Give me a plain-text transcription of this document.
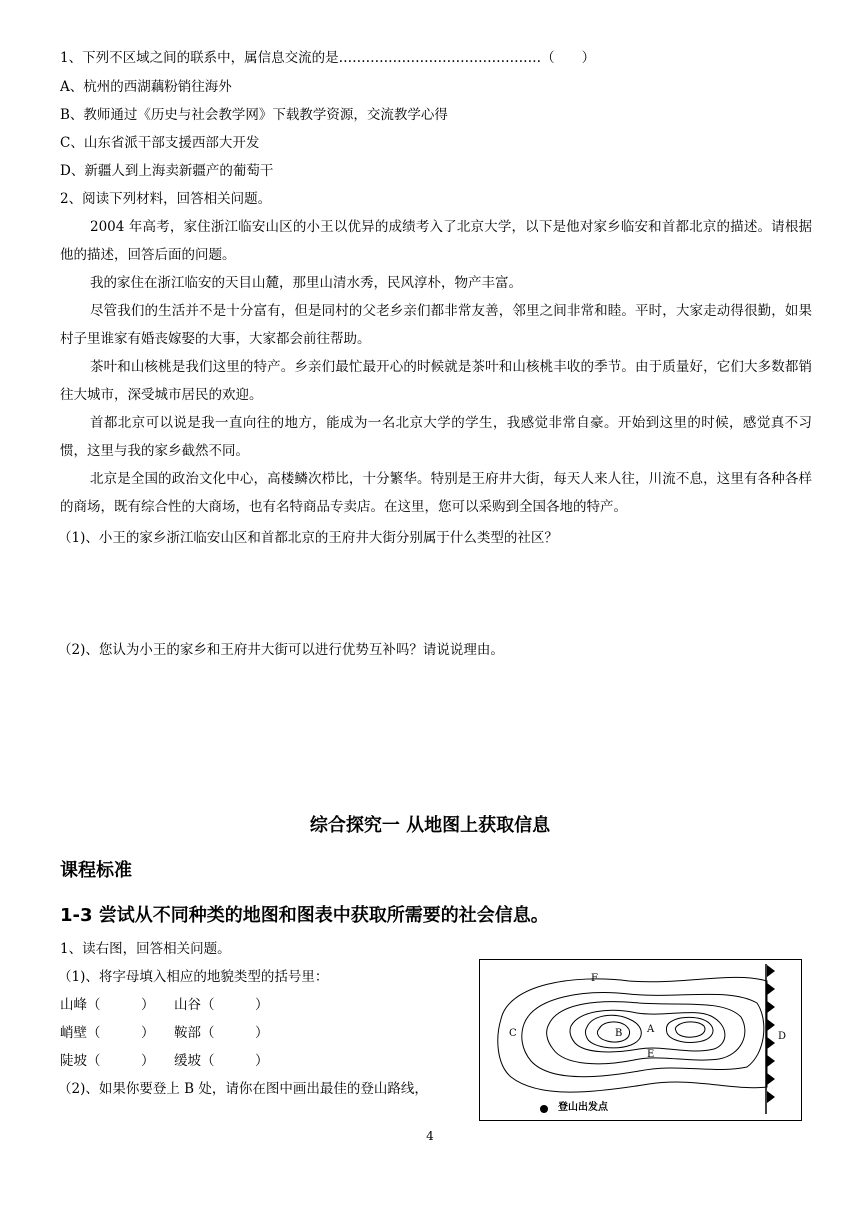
1、下列不区域之间的联系中，属信息交流的是………………………………………（　　）
A、杭州的西湖藕粉销往海外
B、教师通过《历史与社会教学网》下载教学资源，交流教学心得
C、山东省派干部支援西部大开发
D、新疆人到上海卖新疆产的葡萄干
2、阅读下列材料，回答相关问题。
2004 年高考，家住浙江临安山区的小王以优异的成绩考入了北京大学，以下是他对家乡临安和首都北京的描述。请根据他的描述，回答后面的问题。
我的家住在浙江临安的天目山麓，那里山清水秀，民风淳朴，物产丰富。
尽管我们的生活并不是十分富有，但是同村的父老乡亲们都非常友善，邻里之间非常和睦。平时，大家走动得很勤，如果村子里谁家有婚丧嫁娶的大事，大家都会前往帮助。
茶叶和山核桃是我们这里的特产。乡亲们最忙最开心的时候就是茶叶和山核桃丰收的季节。由于质量好，它们大多数都销往大城市，深受城市居民的欢迎。
首都北京可以说是我一直向往的地方，能成为一名北京大学的学生，我感觉非常自豪。开始到这里的时候，感觉真不习惯，这里与我的家乡截然不同。
北京是全国的政治文化中心，高楼鳞次栉比，十分繁华。特别是王府井大街，每天人来人往，川流不息，这里有各种各样的商场，既有综合性的大商场，也有名特商品专卖店。在这里，您可以采购到全国各地的特产。
（1)、小王的家乡浙江临安山区和首都北京的王府井大街分别属于什么类型的社区？
（2)、您认为小王的家乡和王府井大街可以进行优势互补吗？请说说理由。
综合探究一 从地图上获取信息
课程标准
1-3 尝试从不同种类的地图和图表中获取所需要的社会信息。
1、读右图，回答相关问题。
（1)、将字母填入相应的地貌类型的括号里：
山峰（　　　） 山谷（　　　）
峭壁（　　　） 鞍部（　　　）
陡坡（　　　） 缓坡（　　　）
（2)、如果你要登上 B 处，请你在图中画出最佳的登山路线，
F
C	B A
E
D
登山出发点
4
